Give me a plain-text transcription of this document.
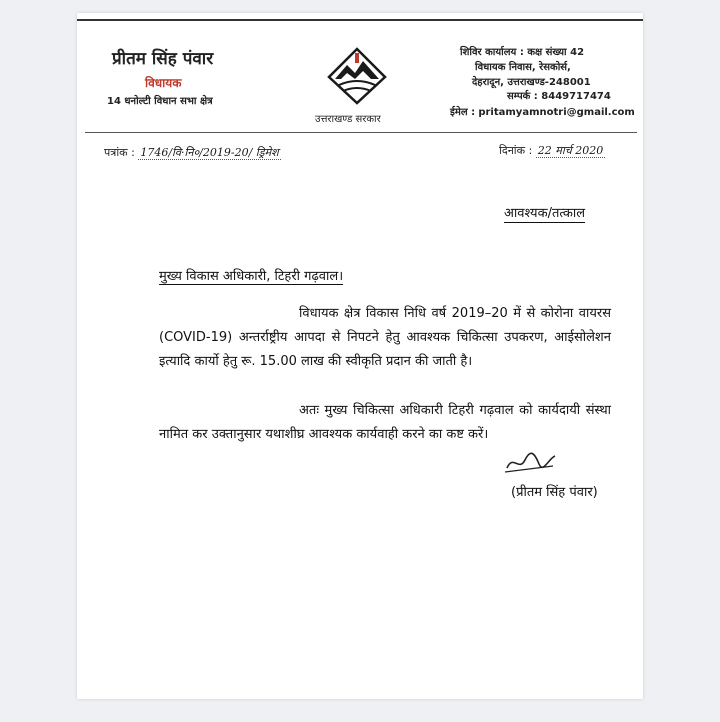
प्रीतम सिंह पंवार
विधायक
14 धनोल्टी विधान सभा क्षेत्र
उत्तराखण्ड सरकार
शिविर कार्यालय : कक्ष संख्या 42
विधायक निवास, रेसकोर्स,
देहरादून, उत्तराखण्ड-248001
सम्पर्क : 8449717474
ईमेल : pritamyamnotri@gmail.com
पत्रांक : 1746/वि·नि०/2019-20/ ड्रिमेश	दिनांक : 22 मार्च 2020
आवश्यक/तत्काल
मुख्य विकास अधिकारी, टिहरी गढ़वाल।
विधायक क्षेत्र विकास निधि वर्ष 2019–20 में से कोरोना वायरस (COVID-19) अन्तर्राष्ट्रीय आपदा से निपटने हेतु आवश्यक चिकित्सा उपकरण, आईसोलेशन इत्यादि कार्यो हेतु रू. 15.00 लाख की स्वीकृति प्रदान की जाती है।
अतः मुख्य चिकित्सा अधिकारी टिहरी गढ़वाल को कार्यदायी संस्था नामित कर उक्तानुसार यथाशीघ्र आवश्यक कार्यवाही करने का कष्ट करें।
(प्रीतम सिंह पंवार)
